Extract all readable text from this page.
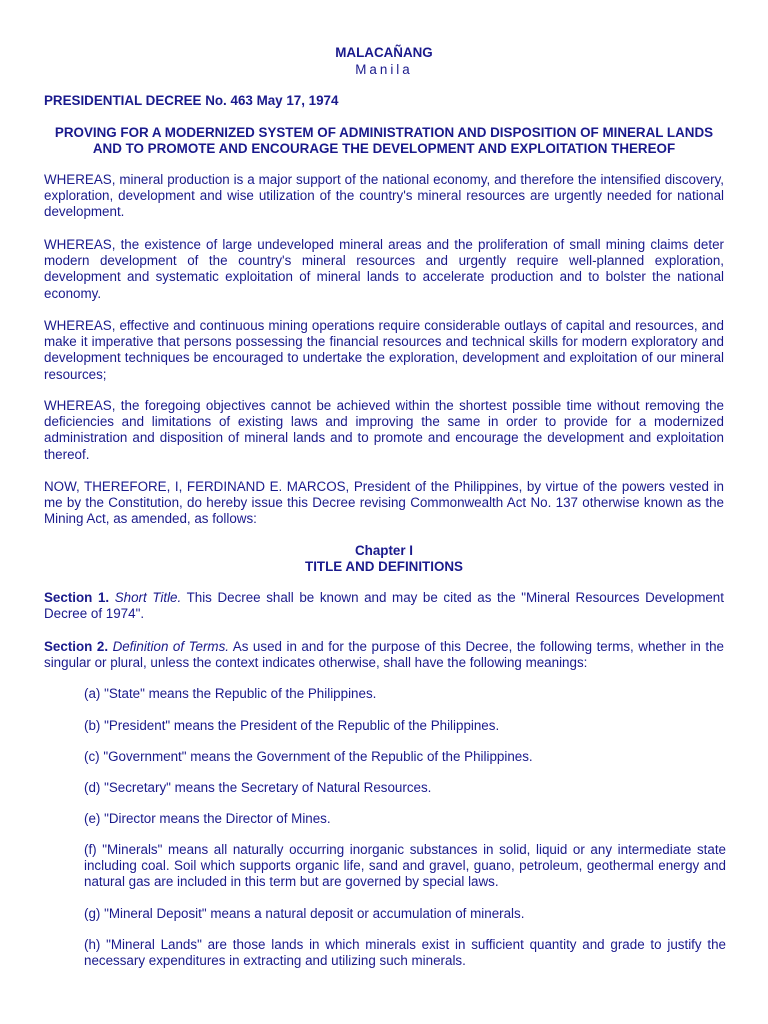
MALACAÑANG
Manila
PRESIDENTIAL DECREE No. 463 May 17, 1974
PROVING FOR A MODERNIZED SYSTEM OF ADMINISTRATION AND DISPOSITION OF MINERAL LANDS AND TO PROMOTE AND ENCOURAGE THE DEVELOPMENT AND EXPLOITATION THEREOF

WHEREAS, mineral production is a major support of the national economy, and therefore the intensified discovery, exploration, development and wise utilization of the country's mineral resources are urgently needed for national development.

WHEREAS, the existence of large undeveloped mineral areas and the proliferation of small mining claims deter modern development of the country's mineral resources and urgently require well-planned exploration, development and systematic exploitation of mineral lands to accelerate production and to bolster the national economy.

WHEREAS, effective and continuous mining operations require considerable outlays of capital and resources, and make it imperative that persons possessing the financial resources and technical skills for modern exploratory and development techniques be encouraged to undertake the exploration, development and exploitation of our mineral resources;

WHEREAS, the foregoing objectives cannot be achieved within the shortest possible time without removing the deficiencies and limitations of existing laws and improving the same in order to provide for a modernized administration and disposition of mineral lands and to promote and encourage the development and exploitation thereof.

NOW, THEREFORE, I, FERDINAND E. MARCOS, President of the Philippines, by virtue of the powers vested in me by the Constitution, do hereby issue this Decree revising Commonwealth Act No. 137 otherwise known as the Mining Act, as amended, as follows:

Chapter I
TITLE AND DEFINITIONS

Section 1. Short Title. This Decree shall be known and may be cited as the "Mineral Resources Development Decree of 1974".

Section 2. Definition of Terms. As used in and for the purpose of this Decree, the following terms, whether in the singular or plural, unless the context indicates otherwise, shall have the following meanings:

(a) "State" means the Republic of the Philippines.

(b) "President" means the President of the Republic of the Philippines.

(c) "Government" means the Government of the Republic of the Philippines.

(d) "Secretary" means the Secretary of Natural Resources.

(e) "Director means the Director of Mines.

(f) "Minerals" means all naturally occurring inorganic substances in solid, liquid or any intermediate state including coal. Soil which supports organic life, sand and gravel, guano, petroleum, geothermal energy and natural gas are included in this term but are governed by special laws.

(g) "Mineral Deposit" means a natural deposit or accumulation of minerals.

(h) "Mineral Lands" are those lands in which minerals exist in sufficient quantity and grade to justify the necessary expenditures in extracting and utilizing such minerals.
